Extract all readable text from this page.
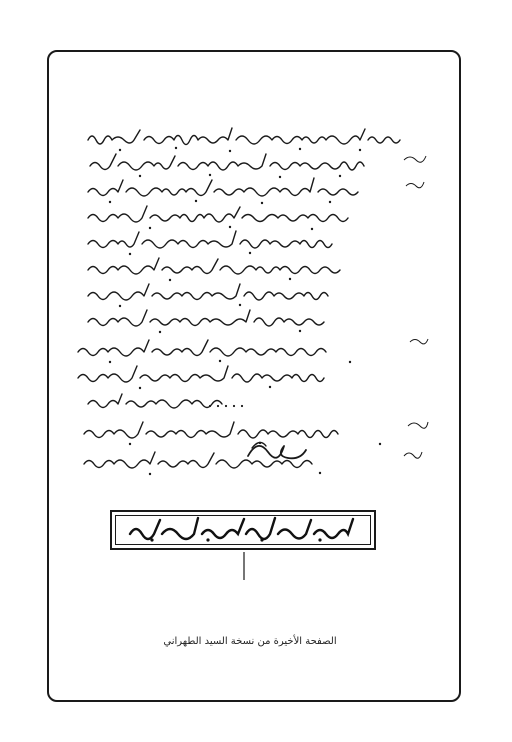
الصفحة الأخيرة من نسخة السيد الطهراني
